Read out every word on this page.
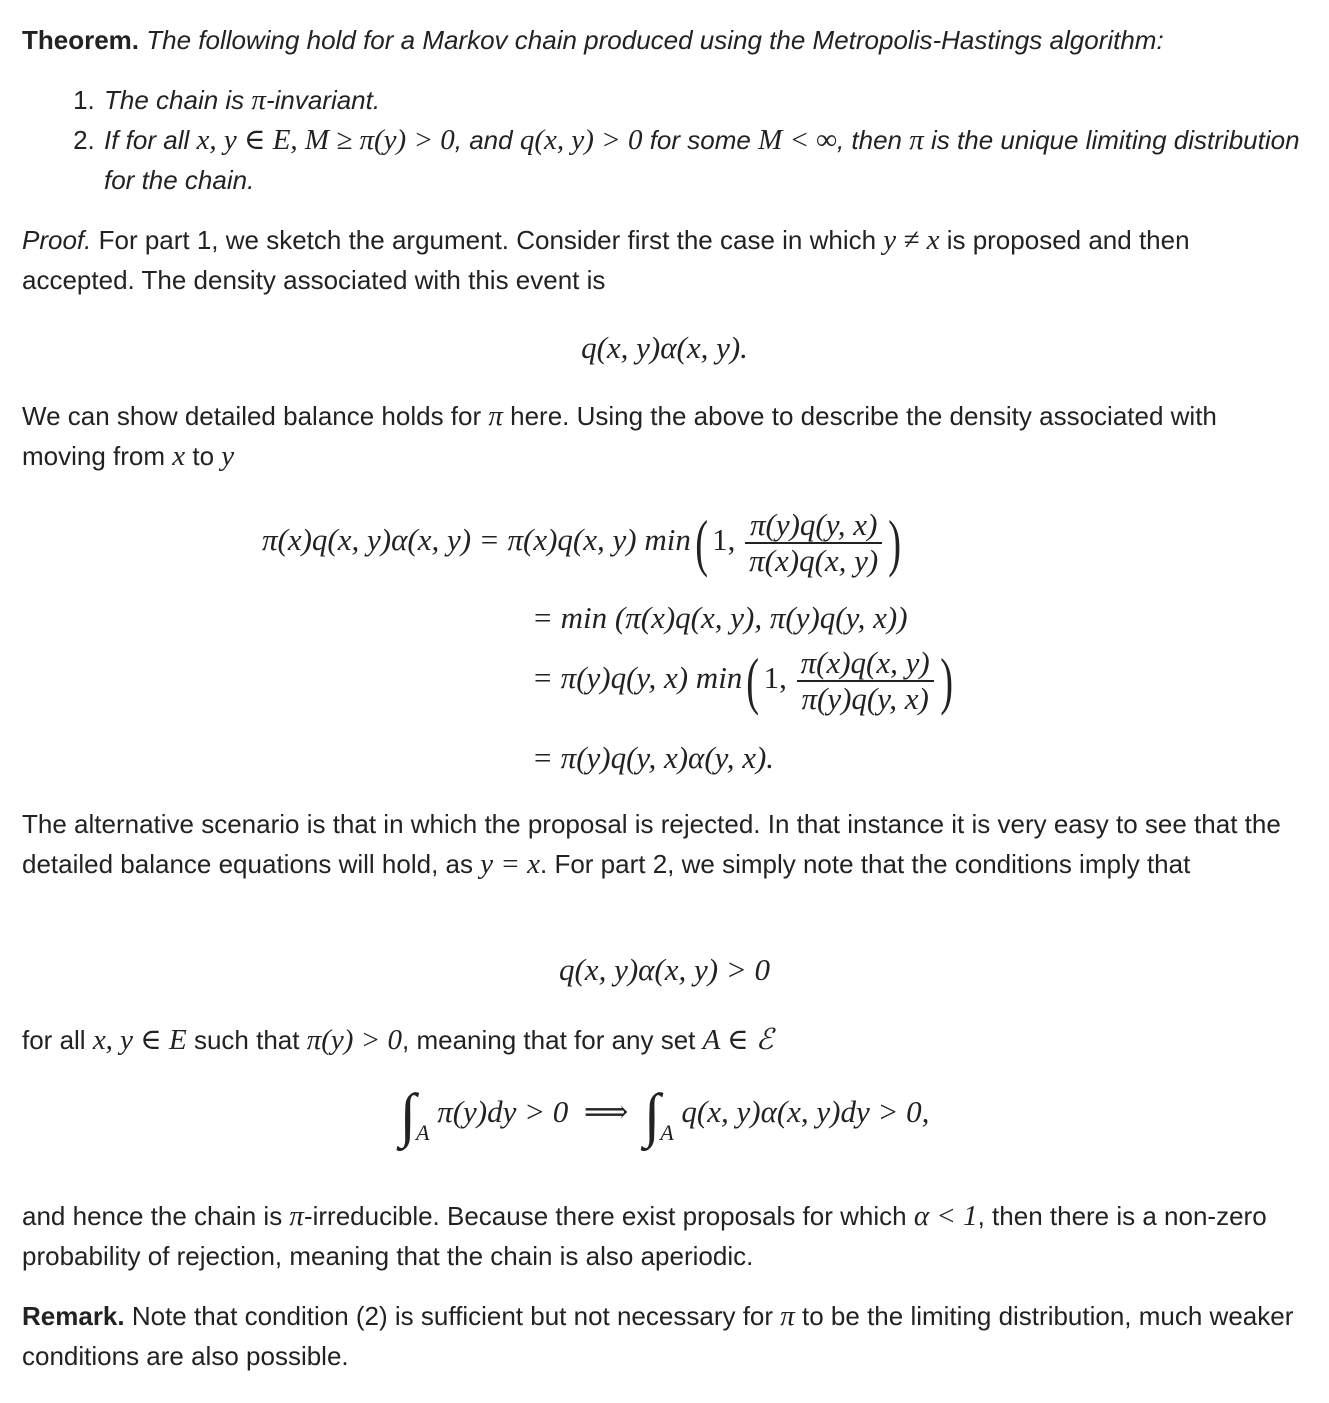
Theorem. The following hold for a Markov chain produced using the Metropolis-Hastings algorithm:

1. The chain is π-invariant.
2. If for all x, y ∈ E, M ≥ π(y) > 0, and q(x, y) > 0 for some M < ∞, then π is the unique limiting distribution for the chain.

Proof. For part 1, we sketch the argument. Consider first the case in which y ≠ x is proposed and then accepted. The density associated with this event is

q(x, y)α(x, y).

We can show detailed balance holds for π here. Using the above to describe the density associated with moving from x to y

π(x)q(x, y)α(x, y) = π(x)q(x, y) min( 1, $\frac{\pi(y)q(y, x)}{\pi(x)q(x, y)}$ )
= min (π(x)q(x, y), π(y)q(y, x))
= π(y)q(y, x) min( 1, $\frac{\pi(x)q(x, y)}{\pi(y)q(y, x)}$ )
= π(y)q(y, x)α(y, x).

The alternative scenario is that in which the proposal is rejected. In that instance it is very easy to see that the detailed balance equations will hold, as y = x. For part 2, we simply note that the conditions imply that

q(x, y)α(x, y) > 0

for all x, y ∈ E such that π(y) > 0, meaning that for any set A ∈ ℰ

$\int_A$ π(y)dy > 0 ⟹ $\int_A$ q(x, y)α(x, y)dy > 0,

and hence the chain is π-irreducible. Because there exist proposals for which α < 1, then there is a non-zero probability of rejection, meaning that the chain is also aperiodic.

Remark. Note that condition (2) is sufficient but not necessary for π to be the limiting distribution, much weaker conditions are also possible.
